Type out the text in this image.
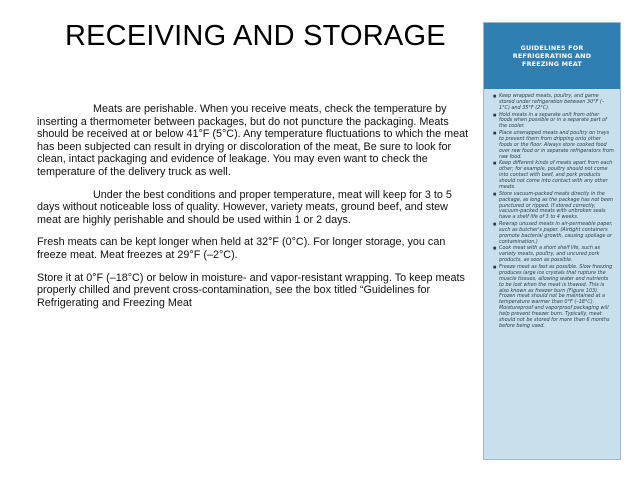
RECEIVING AND STORAGE

Meats are perishable. When you receive meats, check the temperature by inserting a thermometer between packages, but do not puncture the packaging. Meats should be received at or below 41°F (5°C). Any temperature fluctuations to which the meat has been subjected can result in drying or discoloration of the meat, Be sure to look for clean, intact packaging and evidence of leakage. You may even want to check the temperature of the delivery truck as well.

Under the best conditions and proper temperature, meat will keep for 3 to 5 days without noticeable loss of quality. However, variety meats, ground beef, and stew meat are highly perishable and should be used within 1 or 2 days.

Fresh meats can be kept longer when held at 32°F (0°C). For longer storage, you can freeze meat. Meat freezes at 29°F (–2°C).

Store it at 0°F (–18°C) or below in moisture- and vapor-resistant wrapping. To keep meats properly chilled and prevent cross-contamination, see the box titled “Guidelines for Refrigerating and Freezing Meat

GUIDELINES FOR
REFRIGERATING AND
FREEZING MEAT
■ Keep wrapped meats, poultry, and game stored under refrigeration between 30°F (–1°C) and 35°F (2°C).
■ Hold meats in a separate unit from other foods when possible or in a separate part of the cooler.
■ Place unwrapped meats and poultry on trays to prevent them from dripping onto other foods or the floor. Always store cooked food over raw food or in separate refrigerators from raw food.
■ Keep different kinds of meats apart from each other; for example, poultry should not come into contact with beef, and pork products should not come into contact with any other meats.
■ Store vacuum-packed meats directly in the package, as long as the package has not been punctured or ripped. If stored correctly, vacuum-packed meats with unbroken seals have a shelf life of 3 to 4 weeks.
■ Rewrap unused meats in air-permeable paper, such as butcher's paper. (Airtight containers promote bacterial growth, causing spoilage or contamination.)
■ Cook meat with a short shelf life, such as variety meats, poultry, and uncured pork products, as soon as possible.
■ Freeze meat as fast as possible. Slow freezing produces large ice crystals that rupture the muscle tissues, allowing water and nutrients to be lost when the meat is thawed. This is also known as freezer burn (Figure 103). Frozen meat should not be maintained at a temperature warmer than 0°F (–18°C). Moistureproof and vaporproof packaging will help prevent freezer burn. Typically, meat should not be stored for more than 6 months before being used.
